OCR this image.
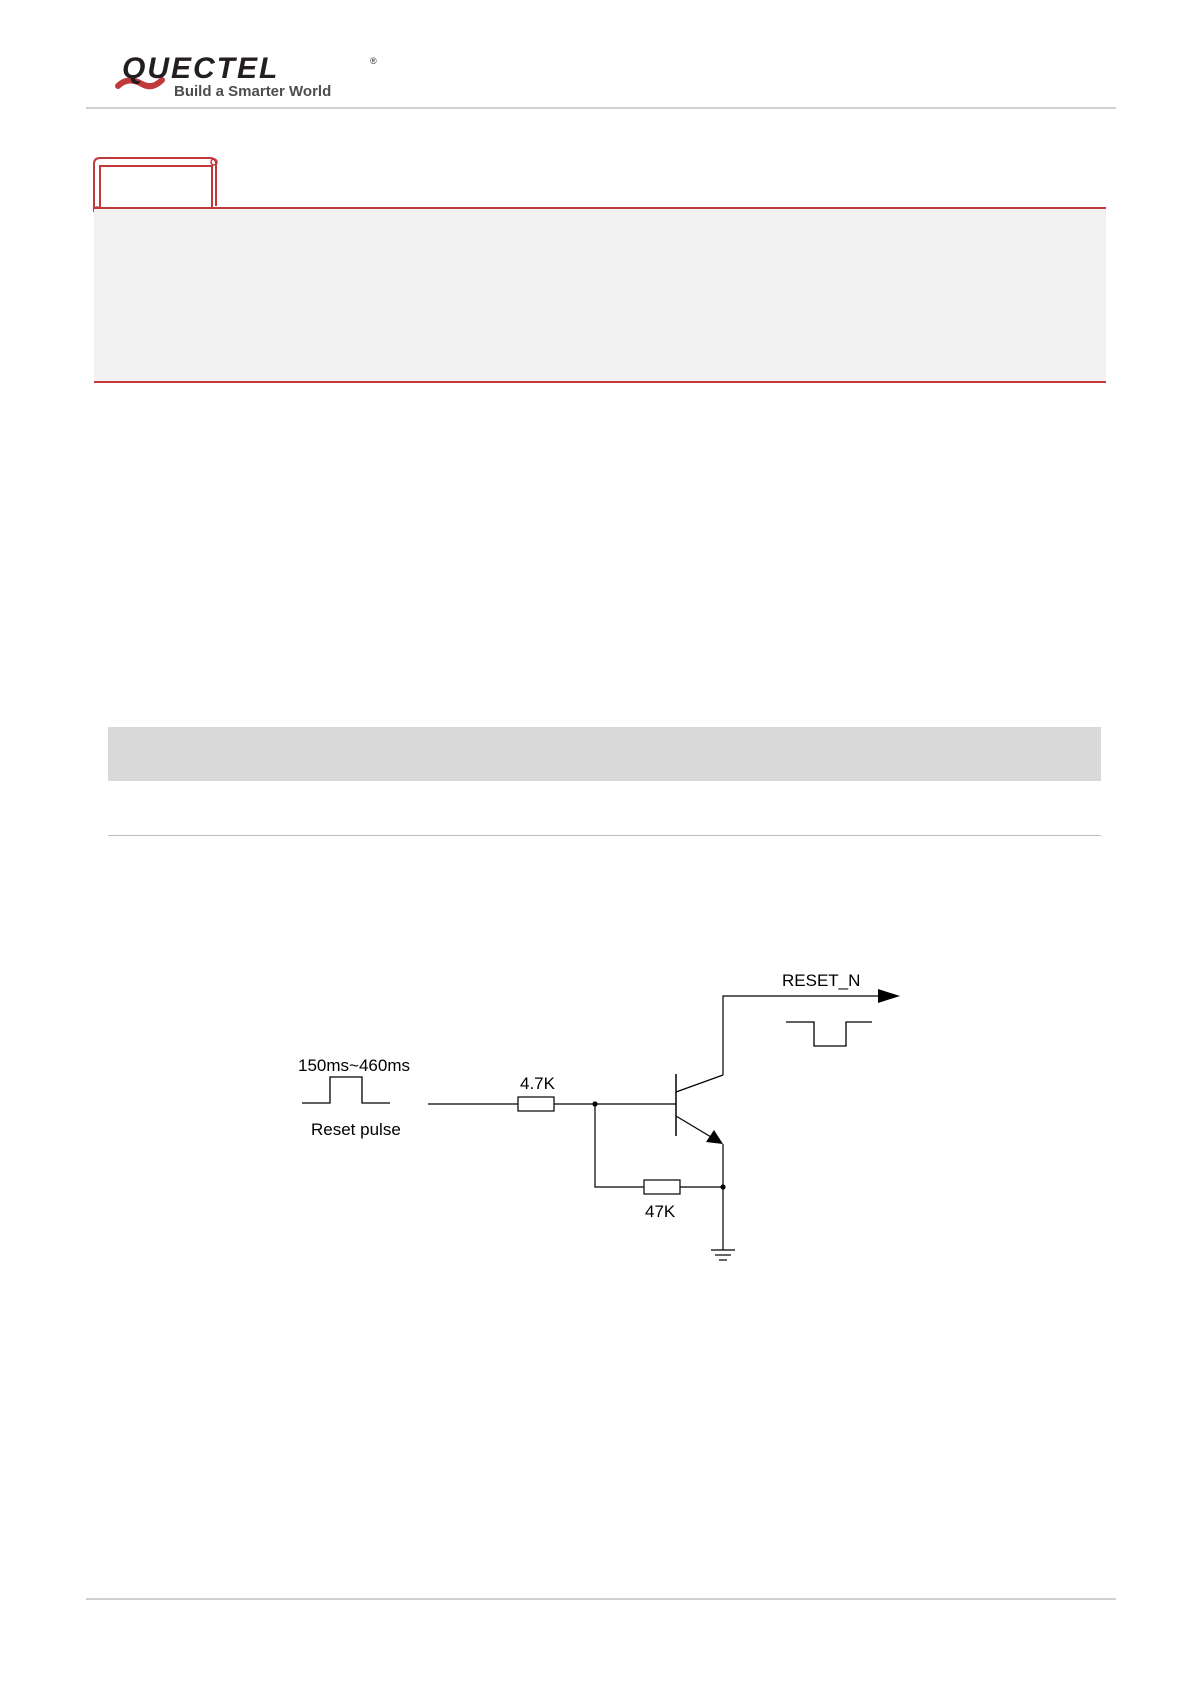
QUECTEL	®
Build a Smarter World
150ms~460ms
Reset pulse
4.7K
47K
RESET_N
